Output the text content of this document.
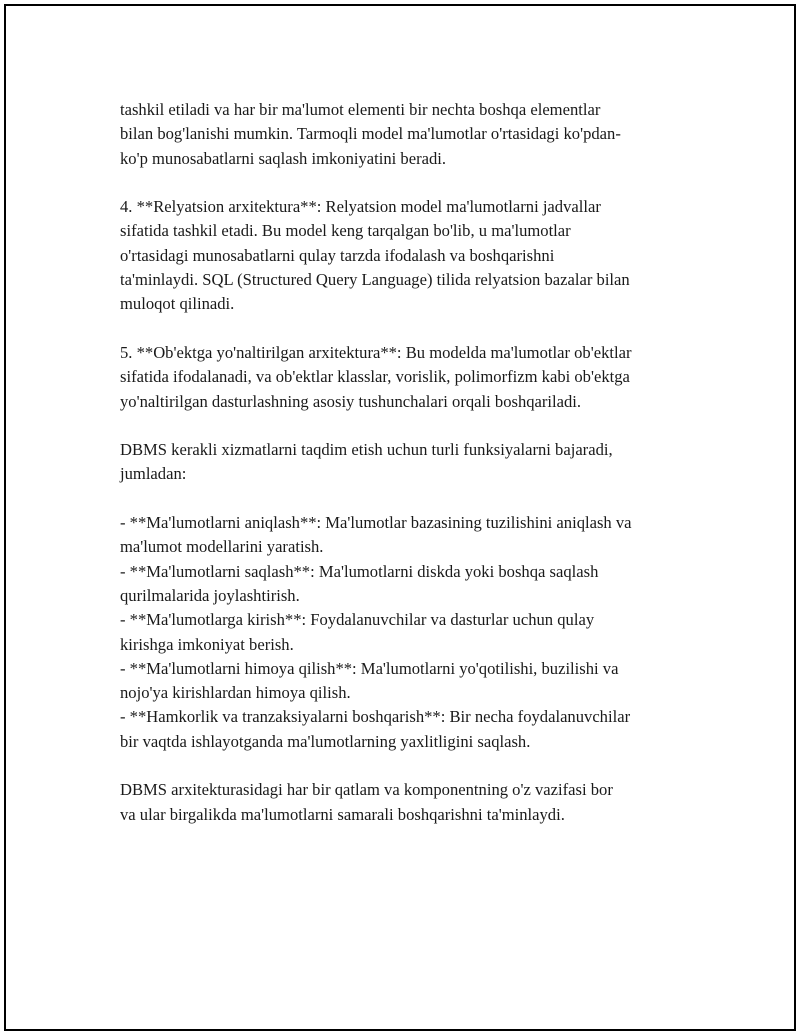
tashkil etiladi va har bir ma'lumot elementi bir nechta boshqa elementlar
bilan bog'lanishi mumkin. Tarmoqli model ma'lumotlar o'rtasidagi ko'pdan-
ko'p munosabatlarni saqlash imkoniyatini beradi.

4. **Relyatsion arxitektura**: Relyatsion model ma'lumotlarni jadvallar
sifatida tashkil etadi. Bu model keng tarqalgan bo'lib, u ma'lumotlar
o'rtasidagi munosabatlarni qulay tarzda ifodalash va boshqarishni
ta'minlaydi. SQL (Structured Query Language) tilida relyatsion bazalar bilan
muloqot qilinadi.

5. **Ob'ektga yo'naltirilgan arxitektura**: Bu modelda ma'lumotlar ob'ektlar
sifatida ifodalanadi, va ob'ektlar klasslar, vorislik, polimorfizm kabi ob'ektga
yo'naltirilgan dasturlashning asosiy tushunchalari orqali boshqariladi.

DBMS kerakli xizmatlarni taqdim etish uchun turli funksiyalarni bajaradi,
jumladan:

- **Ma'lumotlarni aniqlash**: Ma'lumotlar bazasining tuzilishini aniqlash va
ma'lumot modellarini yaratish.

- **Ma'lumotlarni saqlash**: Ma'lumotlarni diskda yoki boshqa saqlash
qurilmalarida joylashtirish.

- **Ma'lumotlarga kirish**: Foydalanuvchilar va dasturlar uchun qulay
kirishga imkoniyat berish.

- **Ma'lumotlarni himoya qilish**: Ma'lumotlarni yo'qotilishi, buzilishi va
nojo'ya kirishlardan himoya qilish.

- **Hamkorlik va tranzaksiyalarni boshqarish**: Bir necha foydalanuvchilar
bir vaqtda ishlayotganda ma'lumotlarning yaxlitligini saqlash.

DBMS arxitekturasidagi har bir qatlam va komponentning o'z vazifasi bor
va ular birgalikda ma'lumotlarni samarali boshqarishni ta'minlaydi.
